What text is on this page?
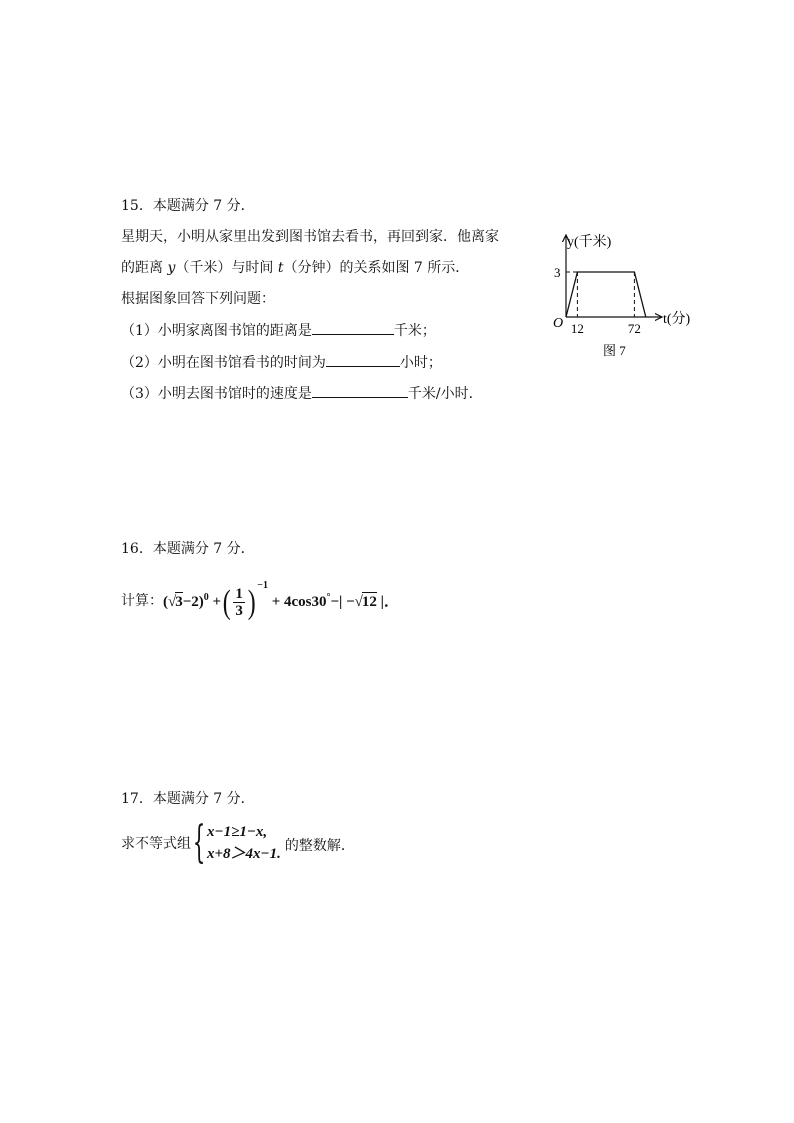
15．本题满分 7 分．
星期天，小明从家里出发到图书馆去看书，再回到家．他离家
的距离 y（千米）与时间 t（分钟）的关系如图 7 所示．
根据图象回答下列问题：
（1）小明家离图书馆的距离是	千米；
（2）小明在图书馆看书的时间为	小时；
（3）小明去图书馆时的速度是	千米/小时．
y(千米)
t(分)
O
3
12	72
图 7
16．本题满分 7 分．
计算： $(√3-2)^0$ +( $\frac{1}{3}$ ) $^{-1}$ + 4cos30°−| −√12 |．
17．本题满分 7 分．
求不等式组 { x−1≥1−x,
x+8＞4x−1. 的整数解．
